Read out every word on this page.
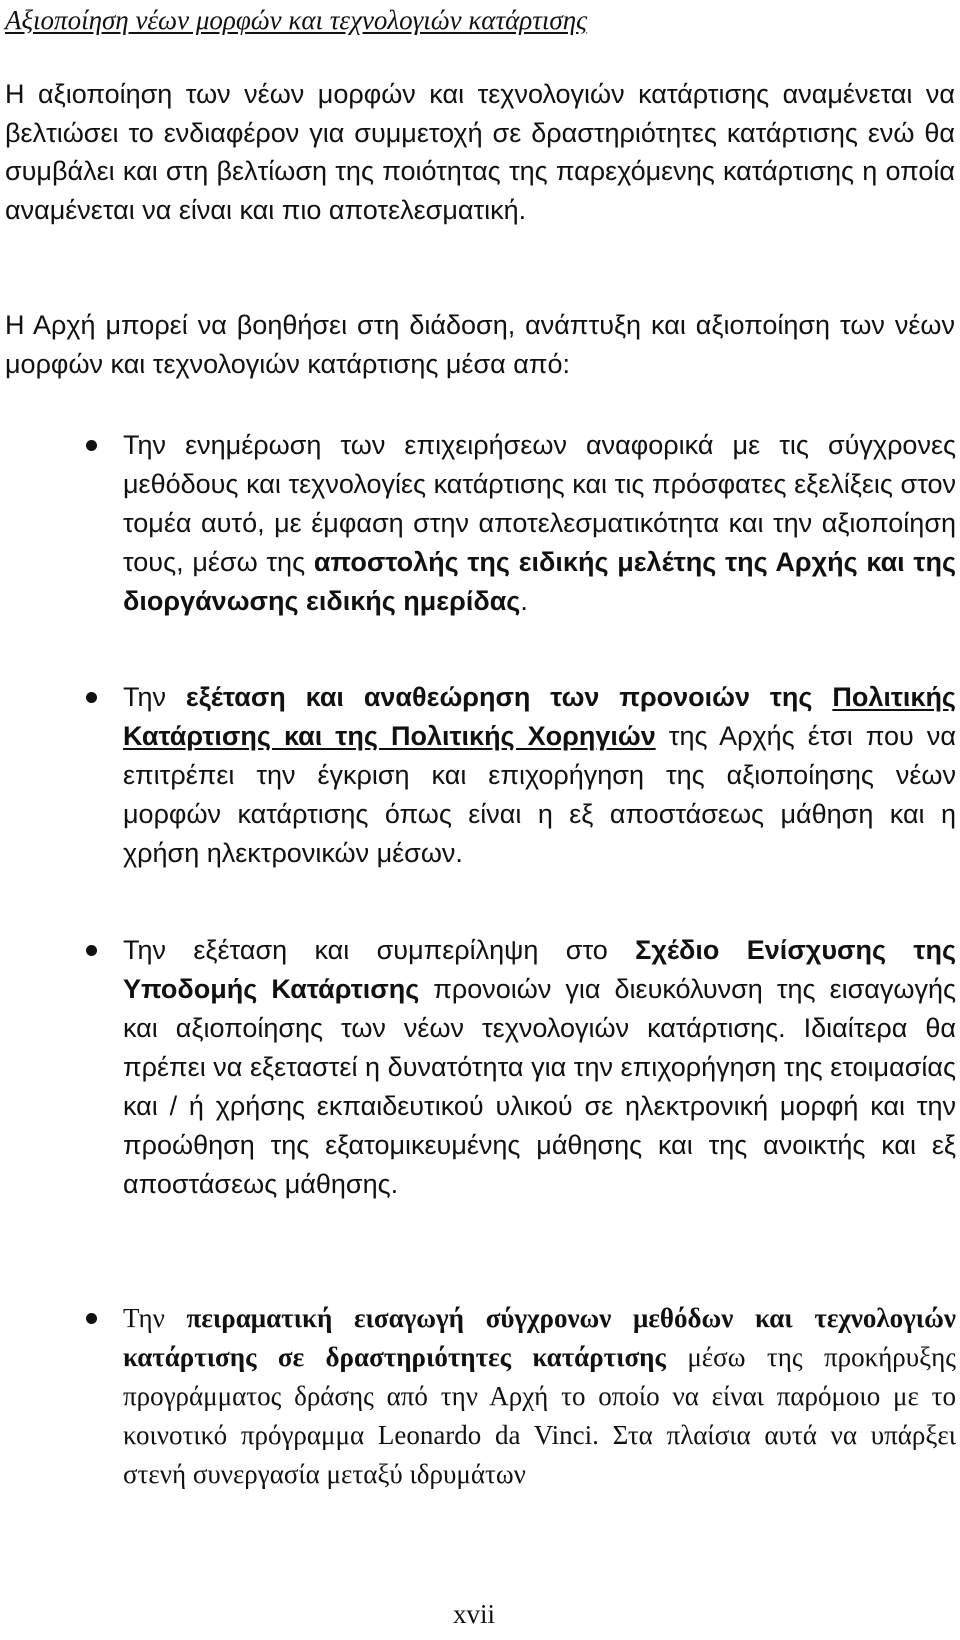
Αξιοποίηση νέων μορφών και τεχνολογιών κατάρτισης
Η αξιοποίηση των νέων μορφών και τεχνολογιών κατάρτισης αναμένεται να βελτιώσει το ενδιαφέρον για συμμετοχή σε δραστηριότητες κατάρτισης ενώ θα συμβάλει και στη βελτίωση της ποιότητας της παρεχόμενης κατάρτισης η οποία αναμένεται να είναι και πιο αποτελεσματική.
Η Αρχή μπορεί να βοηθήσει στη διάδοση, ανάπτυξη και αξιοποίηση των νέων μορφών και τεχνολογιών κατάρτισης μέσα από:
Την ενημέρωση των επιχειρήσεων αναφορικά με τις σύγχρονες μεθόδους και τεχνολογίες κατάρτισης και τις πρόσφατες εξελίξεις στον τομέα αυτό, με έμφαση στην αποτελεσματικότητα και την αξιοποίηση τους, μέσω της αποστολής της ειδικής μελέτης της Αρχής και της διοργάνωσης ειδικής ημερίδας.
Την εξέταση και αναθεώρηση των προνοιών της Πολιτικής Κατάρτισης και της Πολιτικής Χορηγιών της Αρχής έτσι που να επιτρέπει την έγκριση και επιχορήγηση της αξιοποίησης νέων μορφών κατάρτισης όπως είναι η εξ αποστάσεως μάθηση και η χρήση ηλεκτρονικών μέσων.
Την εξέταση και συμπερίληψη στο Σχέδιο Ενίσχυσης της Υποδομής Κατάρτισης προνοιών για διευκόλυνση της εισαγωγής και αξιοποίησης των νέων τεχνολογιών κατάρτισης. Ιδιαίτερα θα πρέπει να εξεταστεί η δυνατότητα για την επιχορήγηση της ετοιμασίας και / ή χρήσης εκπαιδευτικού υλικού σε ηλεκτρονική μορφή και την προώθηση της εξατομικευμένης μάθησης και της ανοικτής και εξ αποστάσεως μάθησης.
Την πειραματική εισαγωγή σύγχρονων μεθόδων και τεχνολογιών κατάρτισης σε δραστηριότητες κατάρτισης μέσω της προκήρυξης προγράμματος δράσης από την Αρχή το οποίο να είναι παρόμοιο με το κοινοτικό πρόγραμμα Leonardo da Vinci. Στα πλαίσια αυτά να υπάρξει στενή συνεργασία μεταξύ ιδρυμάτων
xvii
